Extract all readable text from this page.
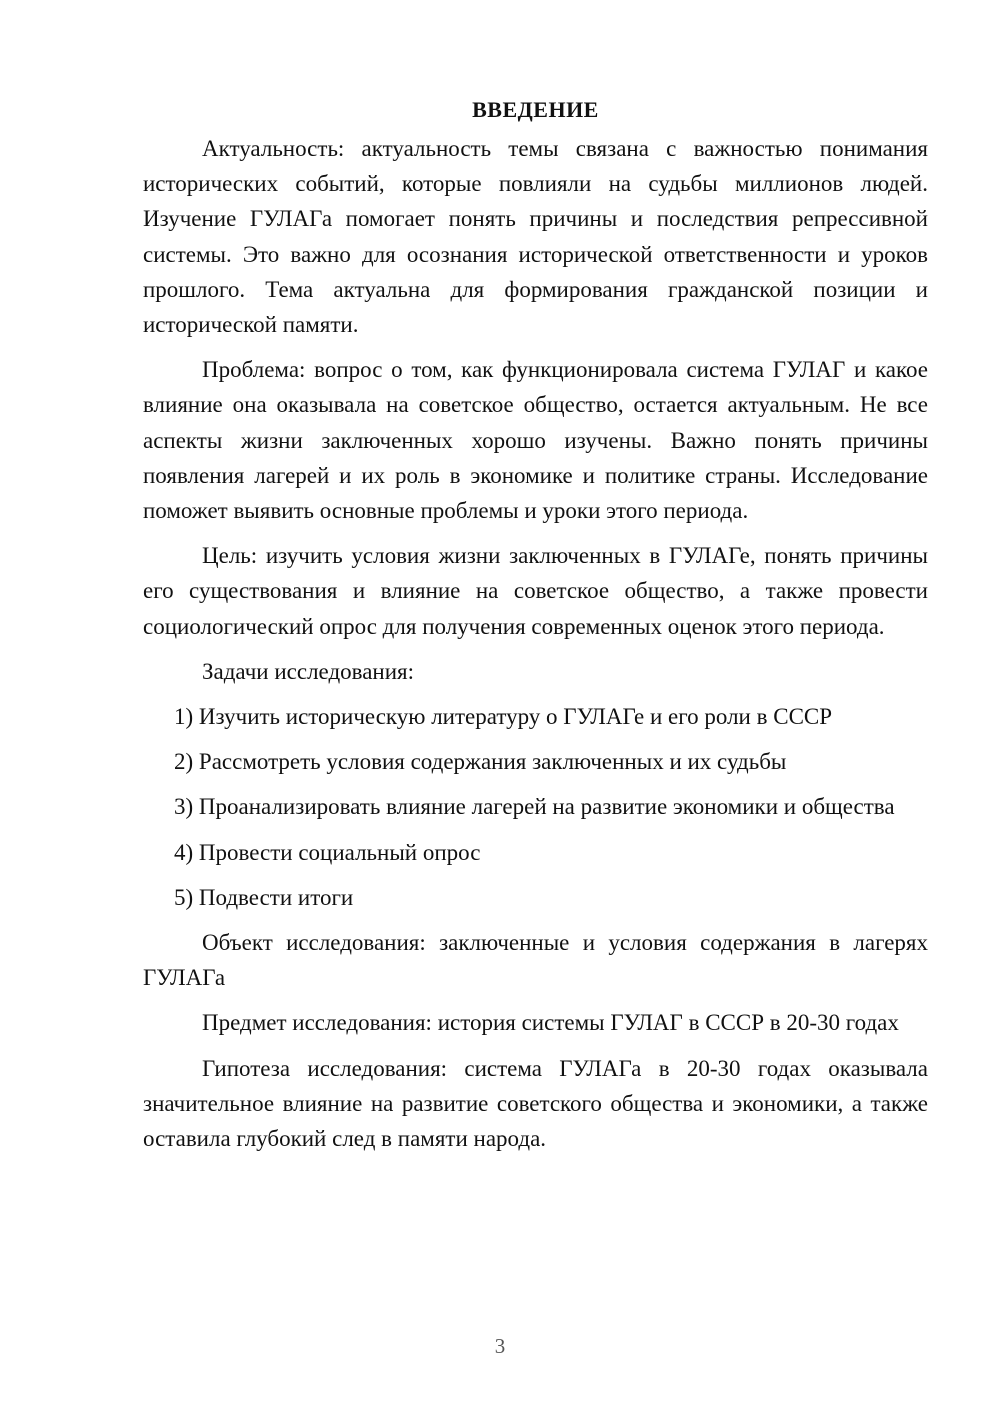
ВВЕДЕНИЕ

Актуальность: актуальность темы связана с важностью понимания исторических событий, которые повлияли на судьбы миллионов людей. Изучение ГУЛАГа помогает понять причины и последствия репрессивной системы. Это важно для осознания исторической ответственности и уроков прошлого. Тема актуальна для формирования гражданской позиции и исторической памяти.

Проблема: вопрос о том, как функционировала система ГУЛАГ и какое влияние она оказывала на советское общество, остается актуальным. Не все аспекты жизни заключенных хорошо изучены. Важно понять причины появления лагерей и их роль в экономике и политике страны. Исследование поможет выявить основные проблемы и уроки этого периода.

Цель: изучить условия жизни заключенных в ГУЛАГе, понять причины его существования и влияние на советское общество, а также провести социологический опрос для получения современных оценок этого периода.

Задачи исследования:

1) Изучить историческую литературу о ГУЛАГе и его роли в СССР

2) Рассмотреть условия содержания заключенных и их судьбы

3) Проанализировать влияние лагерей на развитие экономики и общества

4) Провести социальный опрос

5) Подвести итоги

Объект исследования: заключенные и условия содержания в лагерях ГУЛАГа

Предмет исследования: история системы ГУЛАГ в СССР в 20-30 годах

Гипотеза исследования: система ГУЛАГа в 20-30 годах оказывала значительное влияние на развитие советского общества и экономики, а также оставила глубокий след в памяти народа.

3
